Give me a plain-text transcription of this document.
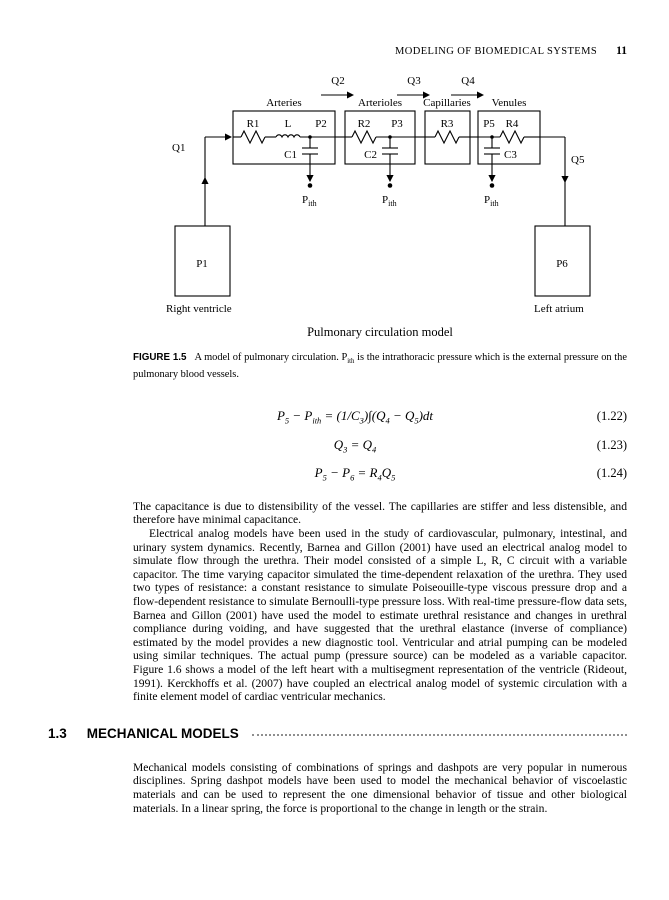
MODELING OF BIOMEDICAL SYSTEMS 11
Q2	Q3	Q4
Arteries	Arterioles Capillaries Venules
R1 L P2	R2 P3	R3	P5 R4
C1	C2	C3
Q1
Q5
P1	P6
Right ventricle	Left atrium
$P_{ith}$	$P_{ith}$	$P_{ith}$
Pulmonary circulation model
FIGURE 1.5 A model of pulmonary circulation. $P_{ith}$ is the intrathoracic pressure which is the external pressure on the pulmonary blood vessels.
$P_5 - P_{ith} = (1/C_3)\int(Q_4 - Q_5)dt$	(1.22)
$Q_3 = Q_4$	(1.23)
$P_5 - P_6 = R_4Q_5$	(1.24)

The capacitance is due to distensibility of the vessel. The capillaries are stiffer and less distensible, and therefore have minimal capacitance.

Electrical analog models have been used in the study of cardiovascular, pulmonary, intestinal, and urinary system dynamics. Recently, Barnea and Gillon (2001) have used an electrical analog model to simulate flow through the urethra. Their model consisted of a simple L, R, C circuit with a variable capacitor. The time varying capacitor simulated the time-dependent relaxation of the urethra. They used two types of resistance: a constant resistance to simulate Poiseouille-type viscous pressure drop and a flow-dependent resistance to simulate Bernoulli-type pressure loss. With real-time pressure-flow data sets, Barnea and Gillon (2001) have used the model to estimate urethral resistance and changes in urethral compliance during voiding, and have suggested that the urethral elastance (inverse of compliance) estimated by the model provides a new diagnostic tool. Ventricular and atrial pumping can be modeled using similar techniques. The actual pump (pressure source) can be modeled as a variable capacitor. Figure 1.6 shows a model of the left heart with a multisegment representation of the ventricle (Rideout, 1991). Kerckhoffs et al. (2007) have coupled an electrical analog model of systemic circulation with a finite element model of cardiac ventricular mechanics.

1.3 MECHANICAL MODELS

Mechanical models consisting of combinations of springs and dashpots are very popular in numerous disciplines. Spring dashpot models have been used to model the mechanical behavior of viscoelastic materials and can be used to represent the one dimensional behavior of tissue and other biological materials. In a linear spring, the force is proportional to the change in length or the strain.
